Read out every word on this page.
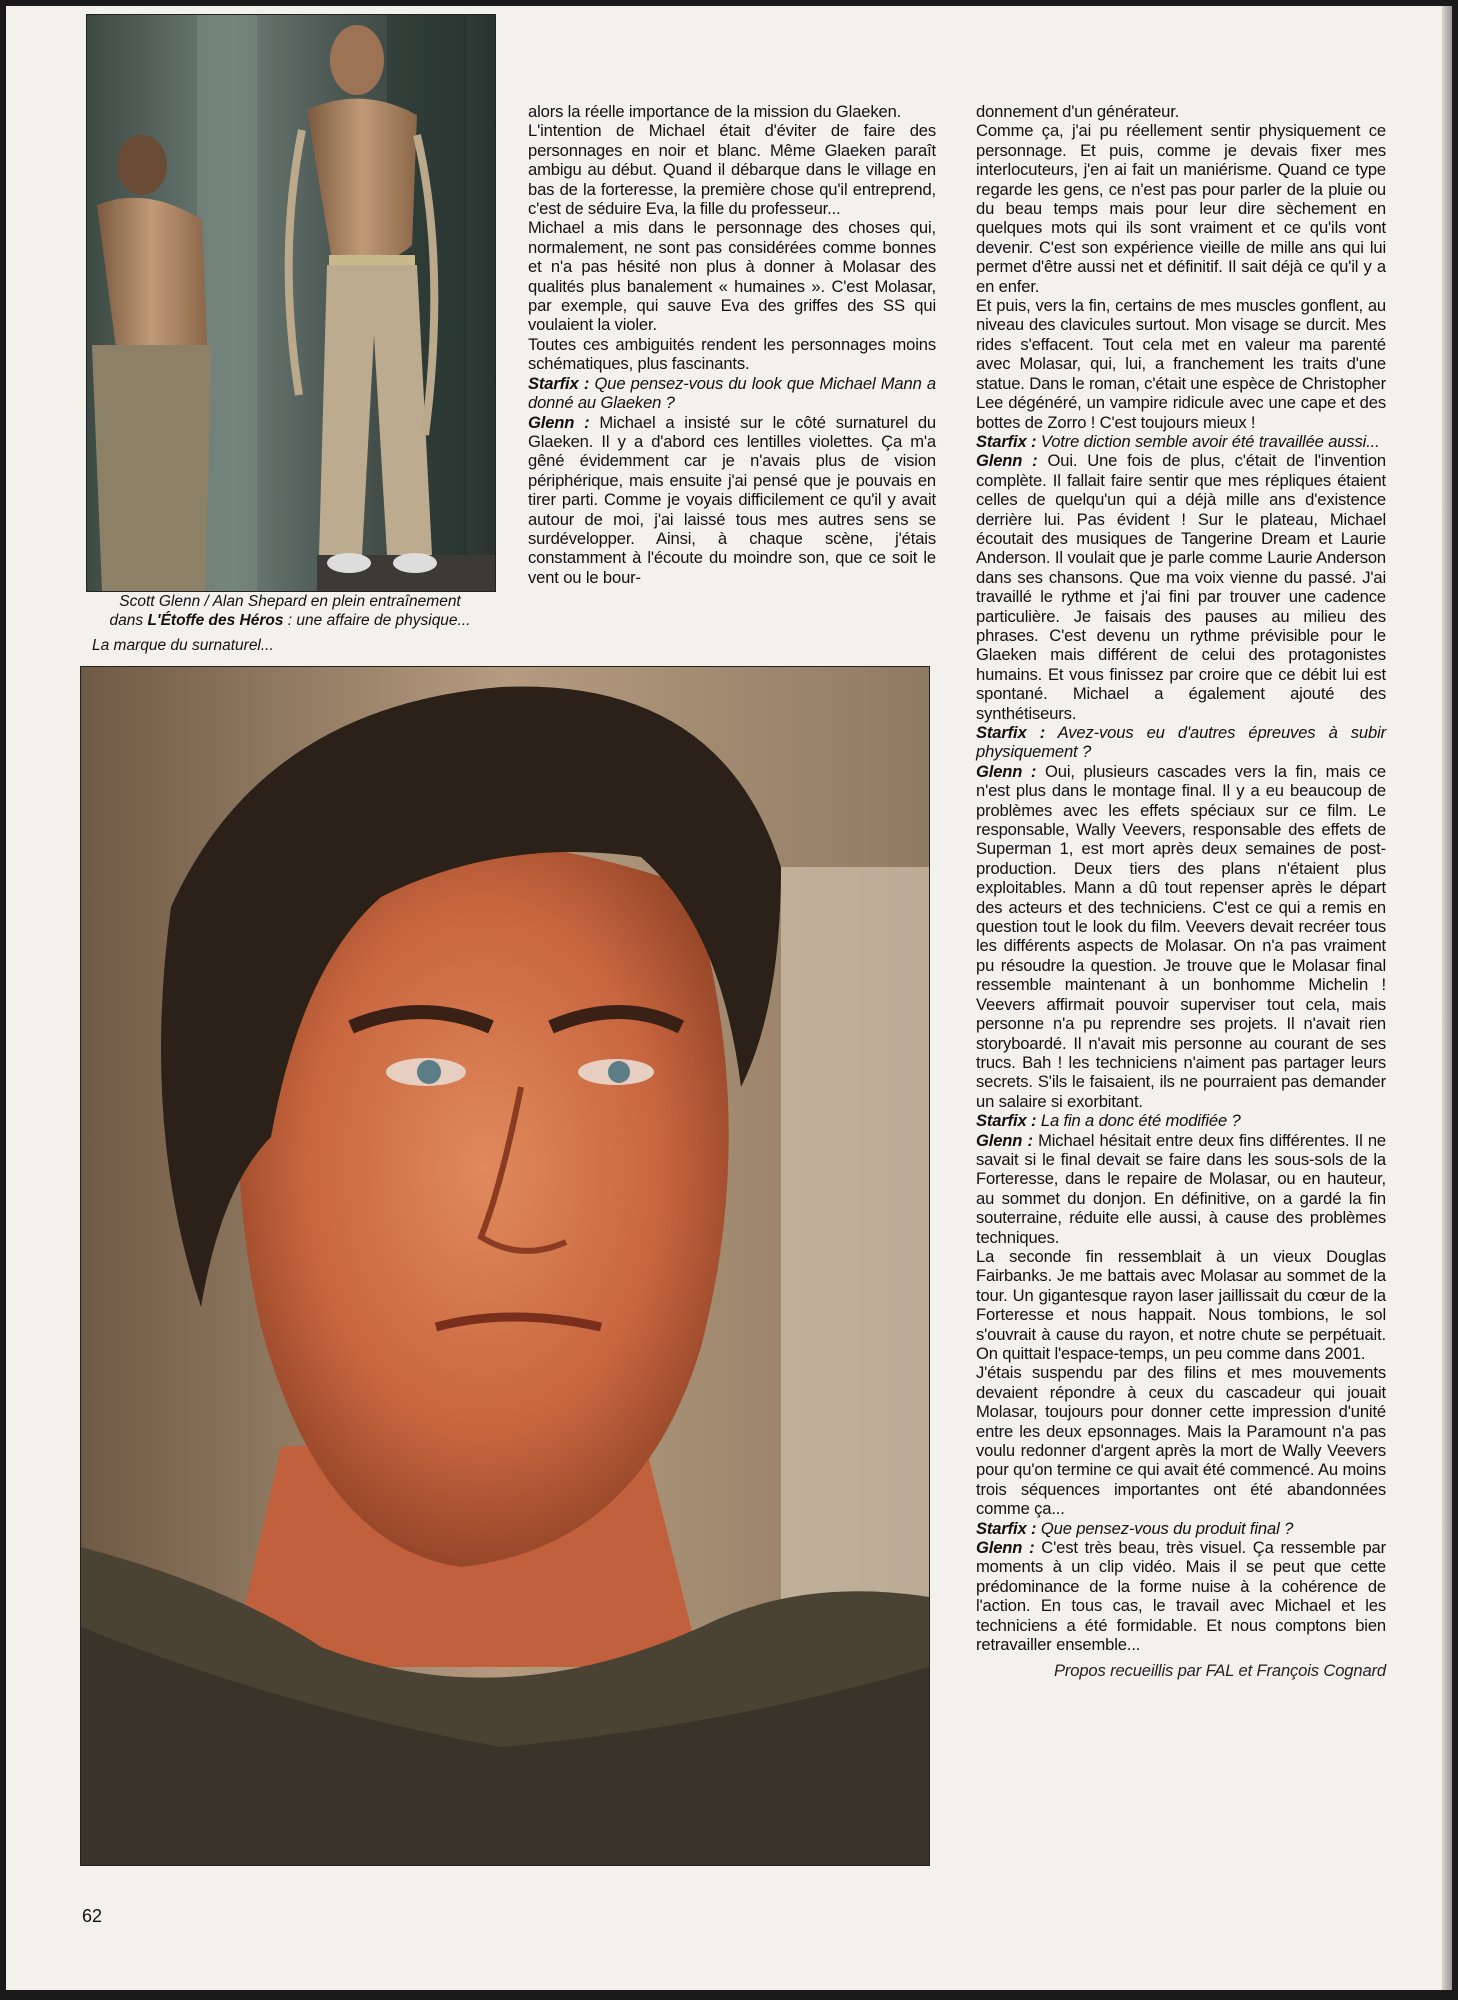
Scott Glenn / Alan Shepard en plein entraînement
dans L'Étoffe des Héros : une affaire de physique...
La marque du surnaturel...

alors la réelle importance de la mission du Glaeken.

L'intention de Michael était d'éviter de faire des personnages en noir et blanc. Même Glaeken paraît ambigu au début. Quand il débarque dans le village en bas de la forteresse, la première chose qu'il entreprend, c'est de séduire Eva, la fille du professeur...

Michael a mis dans le personnage des choses qui, normalement, ne sont pas considérées comme bonnes et n'a pas hésité non plus à donner à Molasar des qualités plus banalement « humaines ». C'est Molasar, par exemple, qui sauve Eva des griffes des SS qui voulaient la violer.

Toutes ces ambiguités rendent les personnages moins schématiques, plus fascinants.

Starfix : Que pensez-vous du look que Michael Mann a donné au Glaeken ?

Glenn : Michael a insisté sur le côté surnaturel du Glaeken. Il y a d'abord ces lentilles violettes. Ça m'a gêné évidemment car je n'avais plus de vision périphérique, mais ensuite j'ai pensé que je pouvais en tirer parti. Comme je voyais difficilement ce qu'il y avait autour de moi, j'ai laissé tous mes autres sens se surdévelopper. Ainsi, à chaque scène, j'étais constamment à l'écoute du moindre son, que ce soit le vent ou le bour-

donnement d'un générateur.

Comme ça, j'ai pu réellement sentir physiquement ce personnage. Et puis, comme je devais fixer mes interlocuteurs, j'en ai fait un maniérisme. Quand ce type regarde les gens, ce n'est pas pour parler de la pluie ou du beau temps mais pour leur dire sèchement en quelques mots qui ils sont vraiment et ce qu'ils vont devenir. C'est son expérience vieille de mille ans qui lui permet d'être aussi net et définitif. Il sait déjà ce qu'il y a en enfer.

Et puis, vers la fin, certains de mes muscles gonflent, au niveau des clavicules surtout. Mon visage se durcit. Mes rides s'effacent. Tout cela met en valeur ma parenté avec Molasar, qui, lui, a franchement les traits d'une statue. Dans le roman, c'était une espèce de Christopher Lee dégénéré, un vampire ridicule avec une cape et des bottes de Zorro ! C'est toujours mieux !

Starfix : Votre diction semble avoir été travaillée aussi...

Glenn : Oui. Une fois de plus, c'était de l'invention complète. Il fallait faire sentir que mes répliques étaient celles de quelqu'un qui a déjà mille ans d'existence derrière lui. Pas évident ! Sur le plateau, Michael écoutait des musiques de Tangerine Dream et Laurie Anderson. Il voulait que je parle comme Laurie Anderson dans ses chansons. Que ma voix vienne du passé. J'ai travaillé le rythme et j'ai fini par trouver une cadence particulière. Je faisais des pauses au milieu des phrases. C'est devenu un rythme prévisible pour le Glaeken mais différent de celui des protagonistes humains. Et vous finissez par croire que ce débit lui est spontané. Michael a également ajouté des synthétiseurs.

Starfix : Avez-vous eu d'autres épreuves à subir physiquement ?

Glenn : Oui, plusieurs cascades vers la fin, mais ce n'est plus dans le montage final. Il y a eu beaucoup de problèmes avec les effets spéciaux sur ce film. Le responsable, Wally Veevers, responsable des effets de Superman 1, est mort après deux semaines de post-production. Deux tiers des plans n'étaient plus exploitables. Mann a dû tout repenser après le départ des acteurs et des techniciens. C'est ce qui a remis en question tout le look du film. Veevers devait recréer tous les différents aspects de Molasar. On n'a pas vraiment pu résoudre la question. Je trouve que le Molasar final ressemble maintenant à un bonhomme Michelin ! Veevers affirmait pouvoir superviser tout cela, mais personne n'a pu reprendre ses projets. Il n'avait rien storyboardé. Il n'avait mis personne au courant de ses trucs. Bah ! les techniciens n'aiment pas partager leurs secrets. S'ils le faisaient, ils ne pourraient pas demander un salaire si exorbitant.

Starfix : La fin a donc été modifiée ?

Glenn : Michael hésitait entre deux fins différentes. Il ne savait si le final devait se faire dans les sous-sols de la Forteresse, dans le repaire de Molasar, ou en hauteur, au sommet du donjon. En définitive, on a gardé la fin souterraine, réduite elle aussi, à cause des problèmes techniques.

La seconde fin ressemblait à un vieux Douglas Fairbanks. Je me battais avec Molasar au sommet de la tour. Un gigantesque rayon laser jaillissait du cœur de la Forteresse et nous happait. Nous tombions, le sol s'ouvrait à cause du rayon, et notre chute se perpétuait. On quittait l'espace-temps, un peu comme dans 2001.

J'étais suspendu par des filins et mes mouvements devaient répondre à ceux du cascadeur qui jouait Molasar, toujours pour donner cette impression d'unité entre les deux epsonnages. Mais la Paramount n'a pas voulu redonner d'argent après la mort de Wally Veevers pour qu'on termine ce qui avait été commencé. Au moins trois séquences importantes ont été abandonnées comme ça...

Starfix : Que pensez-vous du produit final ?

Glenn : C'est très beau, très visuel. Ça ressemble par moments à un clip vidéo. Mais il se peut que cette prédominance de la forme nuise à la cohérence de l'action. En tous cas, le travail avec Michael et les techniciens a été formidable. Et nous comptons bien retravailler ensemble...

Propos recueillis par FAL et François Cognard

62
